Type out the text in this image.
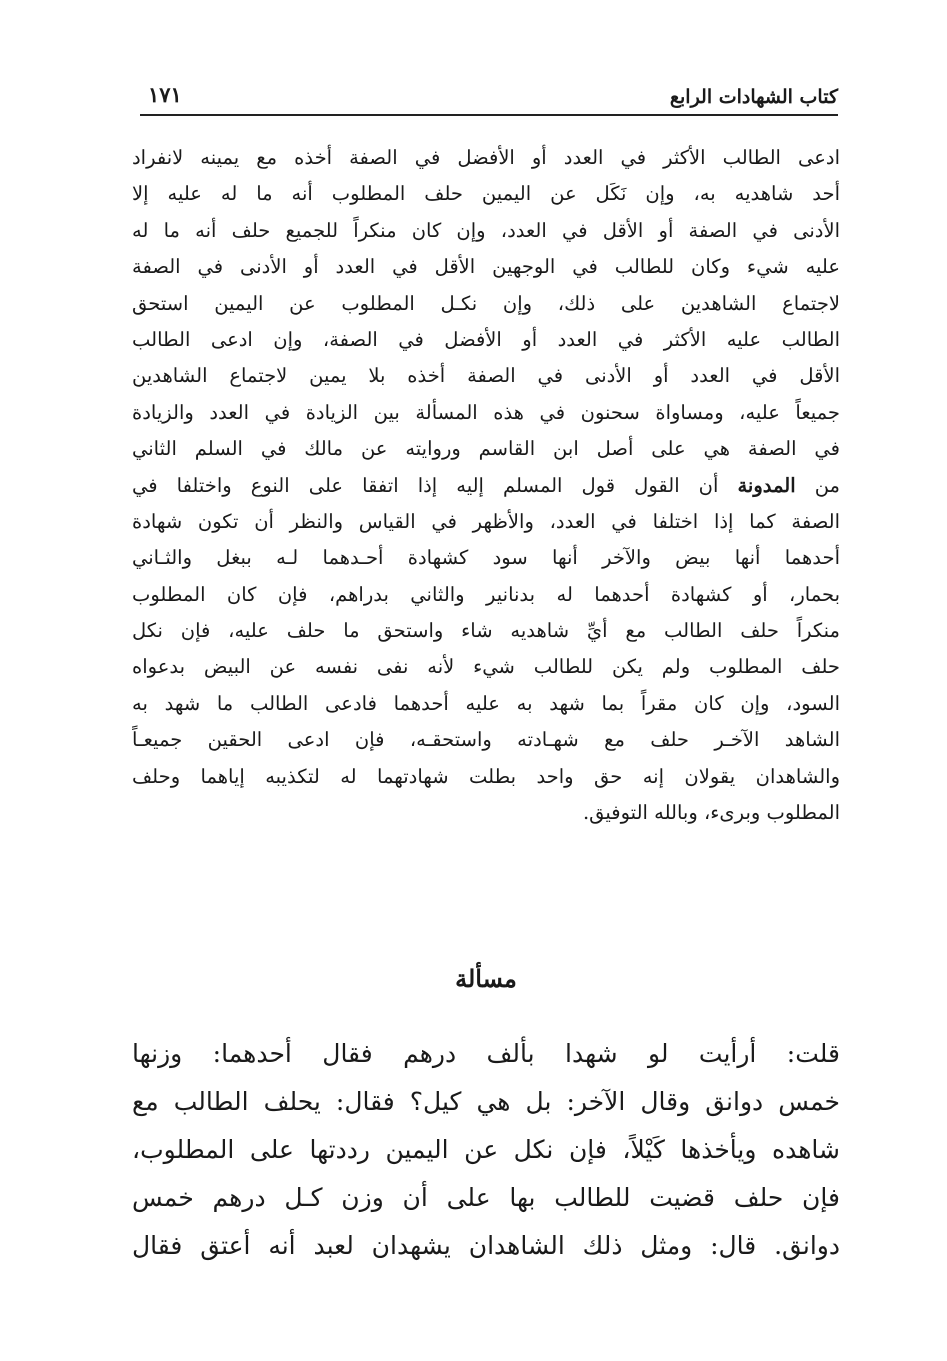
كتاب الشهادات الرابع
١٧١
ادعى الطالب الأكثر في العدد أو الأفضل في الصفة أخذه مع يمينه لانفراد
أحد شاهديه به، وإن نَكَل عن اليمين حلف المطلوب أنه ما له عليه إلا
الأدنى في الصفة أو الأقل في العدد، وإن كان منكراً للجميع حلف أنه ما له
عليه شيء وكان للطالب في الوجهين الأقل في العدد أو الأدنى في الصفة
لاجتماع الشاهدين على ذلك، وإن نكـل المطلوب عن اليمين استحق
الطالب عليه الأكثر في العدد أو الأفضل في الصفة، وإن ادعى الطالب
الأقل في العدد أو الأدنى في الصفة أخذه بلا يمين لاجتماع الشاهدين
جميعاً عليه، ومساواة سحنون في هذه المسألة بين الزيادة في العدد والزيادة
في الصفة هي على أصل ابن القاسم وروايته عن مالك في السلم الثاني
من المدونة أن القول قول المسلم إليه إذا اتفقا على النوع واختلفا في
الصفة كما إذا اختلفا في العدد، والأظهر في القياس والنظر أن تكون شهادة
أحدهما أنها بيض والآخر أنها سود كشهادة أحـدهما لـه ببغل والثـاني
بحمار، أو كشهادة أحدهما له بدنانير والثاني بدراهم، فإن كان المطلوب
منكراً حلف الطالب مع أيِّ شاهديه شاء واستحق ما حلف عليه، فإن نكل
حلف المطلوب ولم يكن للطالب شيء لأنه نفى نفسه عن البيض بدعواه
السود، وإن كان مقراً بما شهد به عليه أحدهما فادعى الطالب ما شهد به
الشاهد الآخـر حلف مع شهـادته واستحقـه، فإن ادعى الحقين جميعـاً
والشاهدان يقولان إنه حق واحد بطلت شهادتهما له لتكذيبه إياهما وحلف
المطلوب وبرىء، وبالله التوفيق.
مسألة
قلت: أرأيت لو شهدا بألف درهم فقال أحدهما: وزنها
خمس دوانق وقال الآخر: بل هي كيل؟ فقال: يحلف الطالب مع
شاهده ويأخذها كَيْلاً، فإن نكل عن اليمين رددتها على المطلوب،
فإن حلف قضيت للطالب بها على أن وزن كـل درهم خمس
دوانق. قال: ومثل ذلك الشاهدان يشهدان لعبد أنه أعتق فقال
